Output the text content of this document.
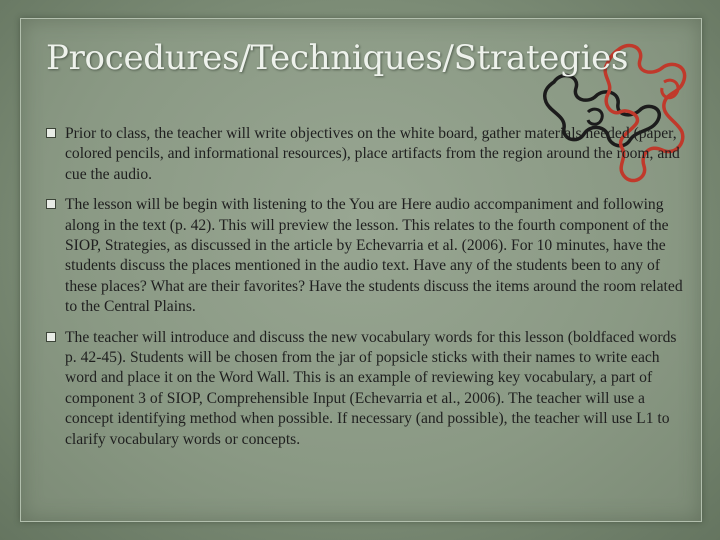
Procedures/Techniques/Strategies
Prior to class, the teacher will write objectives on the white board, gather materials needed (paper, colored pencils, and informational resources), place artifacts from the region around the room, and cue the audio.
The lesson will be begin with listening to the You are Here audio accompaniment and following along in the text (p. 42). This will preview the lesson. This relates to the fourth component of the SIOP, Strategies, as discussed in the article by Echevarria et al. (2006). For 10 minutes, have the students discuss the places mentioned in the audio text. Have any of the students been to any of these places? What are their favorites? Have the students discuss the items around the room related to the Central Plains.
The teacher will introduce and discuss the new vocabulary words for this lesson (boldfaced words p. 42-45). Students will be chosen from the jar of popsicle sticks with their names to write each word and place it on the Word Wall. This is an example of reviewing key vocabulary, a part of component 3 of SIOP, Comprehensible Input (Echevarria et al., 2006). The teacher will use a concept identifying method when possible. If necessary (and possible), the teacher will use L1 to clarify vocabulary words or concepts.
